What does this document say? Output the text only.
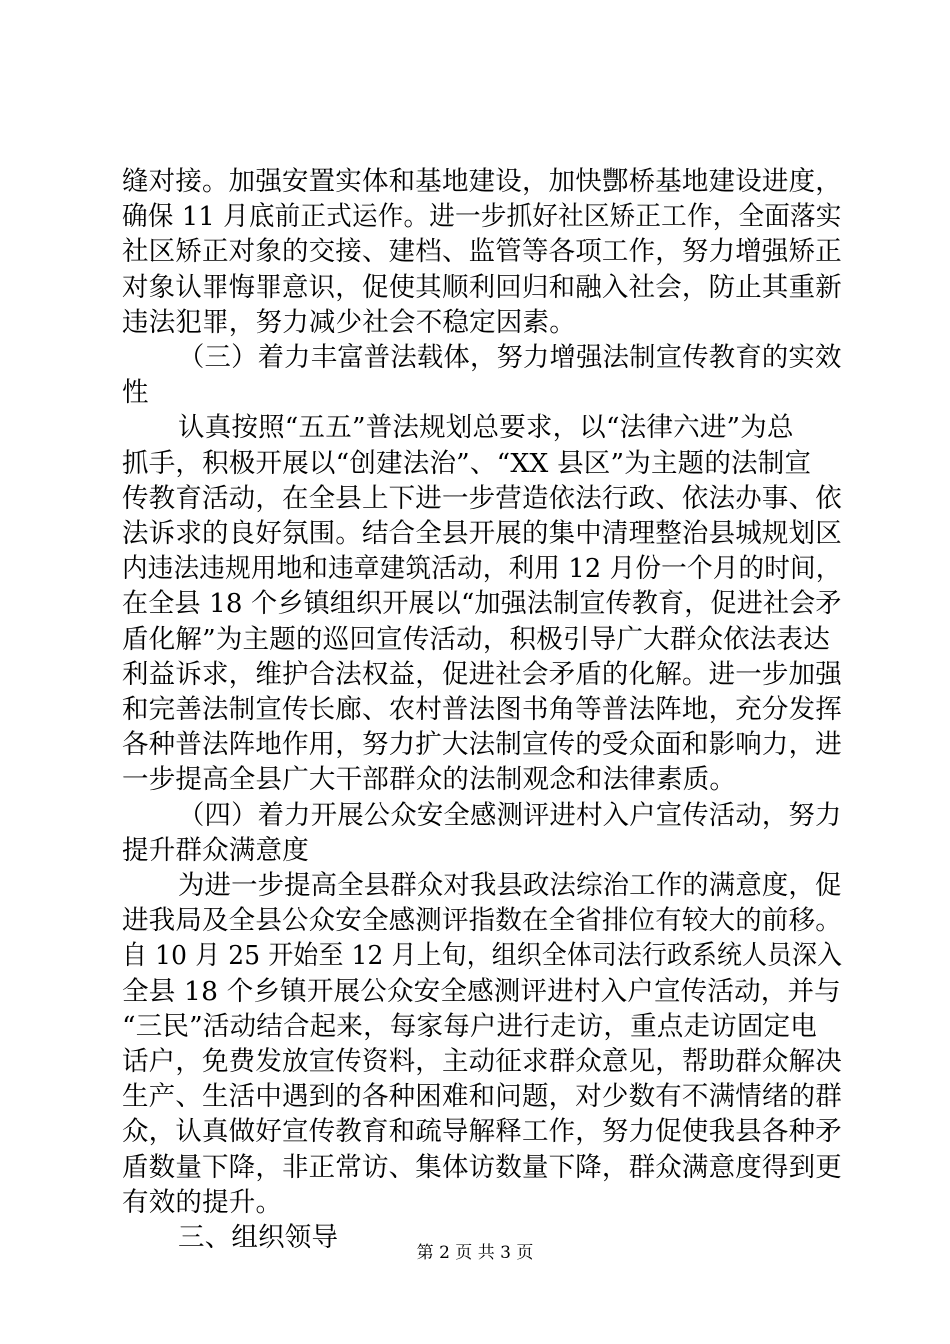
缝对接。加强安置实体和基地建设，加快酆桥基地建设进度，
确保 11 月底前正式运作。进一步抓好社区矫正工作，全面落实
社区矫正对象的交接、建档、监管等各项工作，努力增强矫正
对象认罪悔罪意识，促使其顺利回归和融入社会，防止其重新
违法犯罪，努力减少社会不稳定因素。
（三）着力丰富普法载体，努力增强法制宣传教育的实效
性
认真按照“五五”普法规划总要求，以“法律六进”为总
抓手，积极开展以“创建法治”、“XX 县区”为主题的法制宣
传教育活动，在全县上下进一步营造依法行政、依法办事、依
法诉求的良好氛围。结合全县开展的集中清理整治县城规划区
内违法违规用地和违章建筑活动，利用 12 月份一个月的时间，
在全县 18 个乡镇组织开展以“加强法制宣传教育，促进社会矛
盾化解”为主题的巡回宣传活动，积极引导广大群众依法表达
利益诉求，维护合法权益，促进社会矛盾的化解。进一步加强
和完善法制宣传长廊、农村普法图书角等普法阵地，充分发挥
各种普法阵地作用，努力扩大法制宣传的受众面和影响力，进
一步提高全县广大干部群众的法制观念和法律素质。
（四）着力开展公众安全感测评进村入户宣传活动，努力
提升群众满意度
为进一步提高全县群众对我县政法综治工作的满意度，促
进我局及全县公众安全感测评指数在全省排位有较大的前移。
自 10 月 25 开始至 12 月上旬，组织全体司法行政系统人员深入
全县 18 个乡镇开展公众安全感测评进村入户宣传活动，并与
“三民”活动结合起来，每家每户进行走访，重点走访固定电
话户，免费发放宣传资料，主动征求群众意见，帮助群众解决
生产、生活中遇到的各种困难和问题，对少数有不满情绪的群
众，认真做好宣传教育和疏导解释工作，努力促使我县各种矛
盾数量下降，非正常访、集体访数量下降，群众满意度得到更
有效的提升。
三、组织领导	第 2 页 共 3 页
